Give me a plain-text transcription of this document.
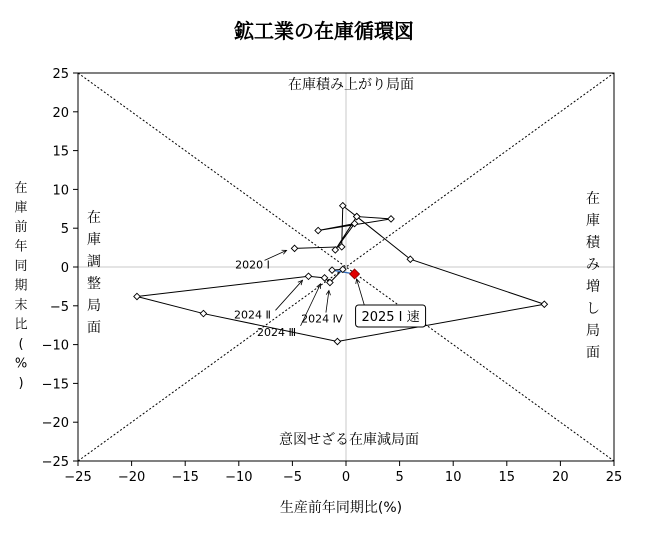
鉱工業の在庫循環図
−25 −20 −15 −10 −5	0	5	10	15	20	25
25
20
15
10
5
0
−5
−10
−15
−20
−25
在庫積み上がり局面
意図せざる在庫減局面
在
庫
調
整
局
面
在
庫
積
み
増
し
局
面
2020 Ⅰ
2024 Ⅱ
2024 Ⅲ
2024 Ⅳ 2025 Ⅰ 速
生産前年同期比(%)
在
庫
前
年
同
期
末
比
(
%
)
